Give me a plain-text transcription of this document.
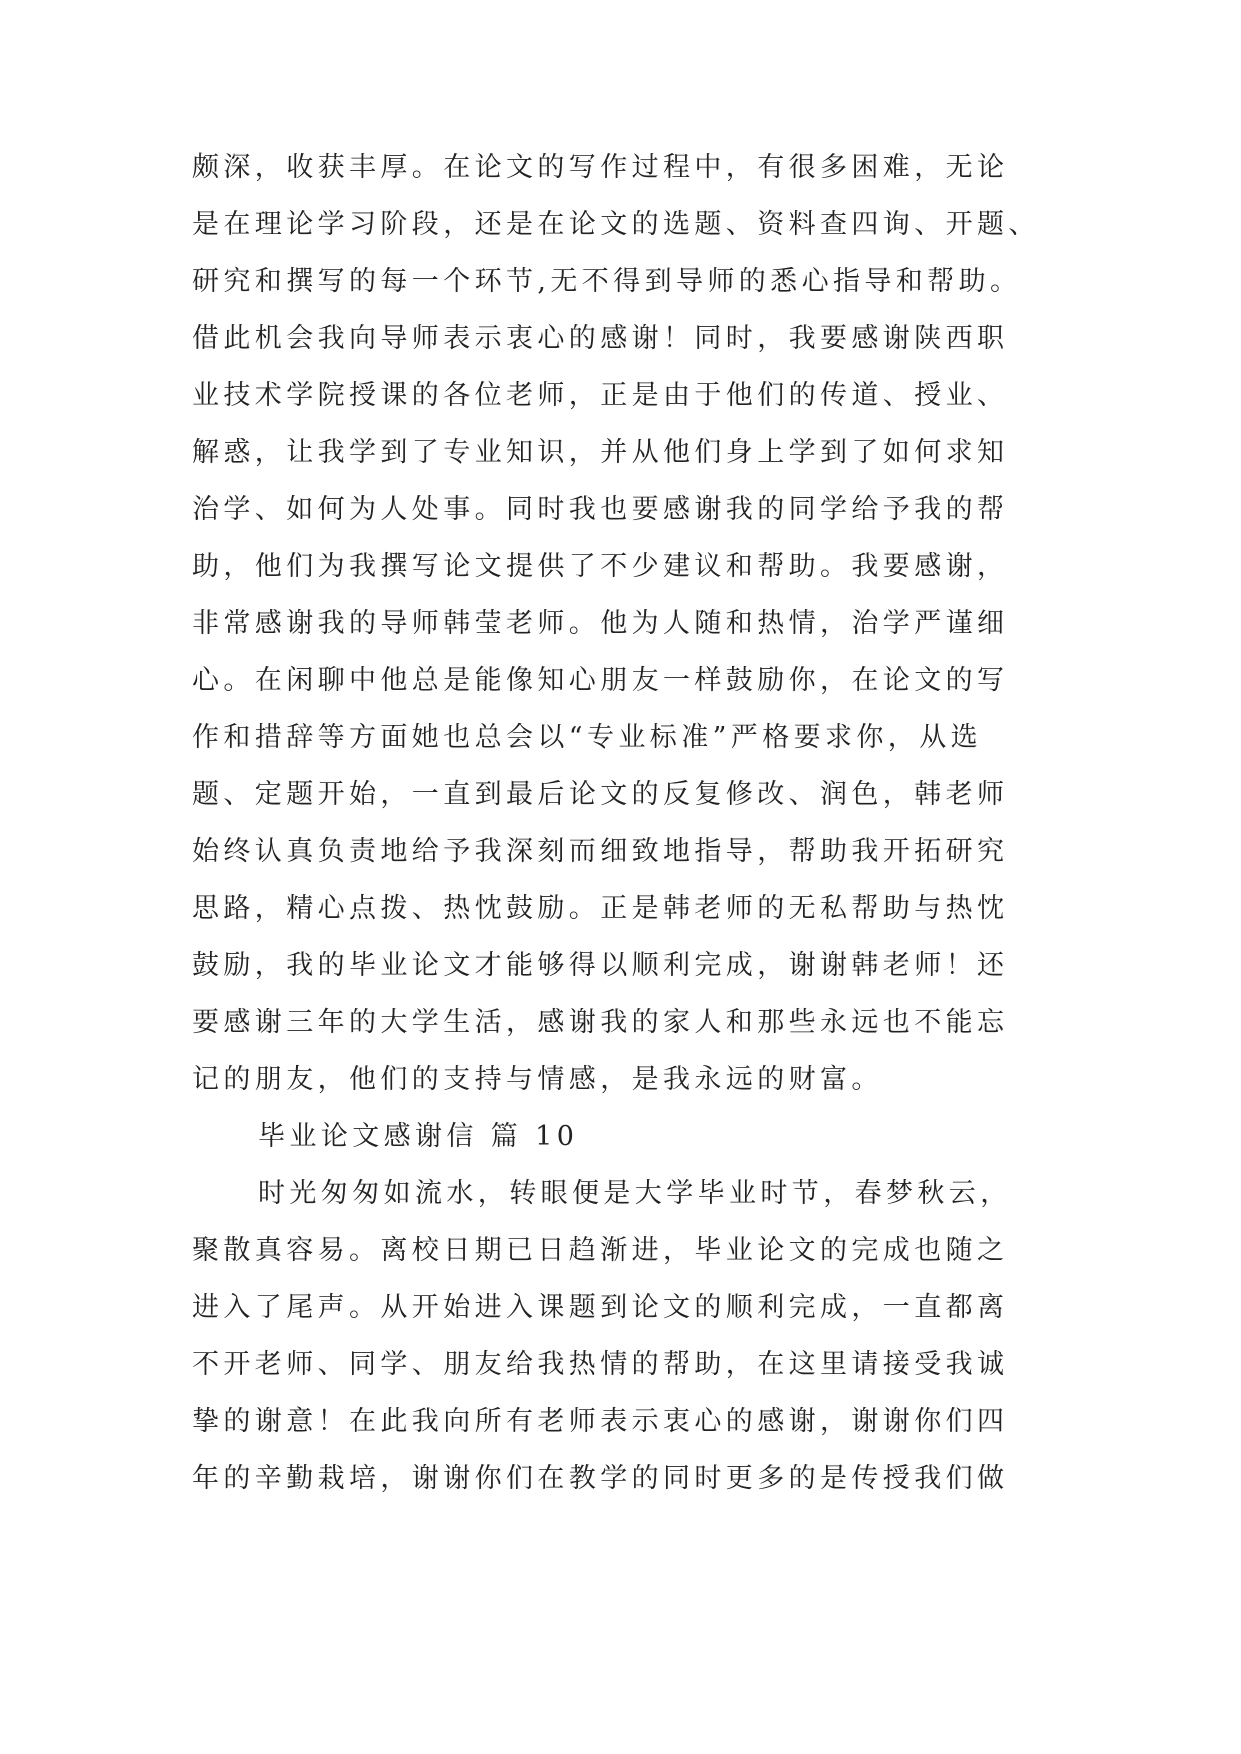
颇深，收获丰厚。在论文的写作过程中，有很多困难，无论
是在理论学习阶段，还是在论文的选题、资料查四询、开题、
研究和撰写的每一个环节,无不得到导师的悉心指导和帮助。
借此机会我向导师表示衷心的感谢！同时，我要感谢陕西职
业技术学院授课的各位老师，正是由于他们的传道、授业、
解惑，让我学到了专业知识，并从他们身上学到了如何求知
治学、如何为人处事。同时我也要感谢我的同学给予我的帮
助，他们为我撰写论文提供了不少建议和帮助。我要感谢，
非常感谢我的导师韩莹老师。他为人随和热情，治学严谨细
心。在闲聊中他总是能像知心朋友一样鼓励你，在论文的写
作和措辞等方面她也总会以“专业标准”严格要求你，从选
题、定题开始，一直到最后论文的反复修改、润色，韩老师
始终认真负责地给予我深刻而细致地指导，帮助我开拓研究
思路，精心点拨、热忱鼓励。正是韩老师的无私帮助与热忱
鼓励，我的毕业论文才能够得以顺利完成，谢谢韩老师！还
要感谢三年的大学生活，感谢我的家人和那些永远也不能忘
记的朋友，他们的支持与情感，是我永远的财富。
毕业论文感谢信 篇 10
时光匆匆如流水，转眼便是大学毕业时节，春梦秋云，
聚散真容易。离校日期已日趋渐进，毕业论文的完成也随之
进入了尾声。从开始进入课题到论文的顺利完成，一直都离
不开老师、同学、朋友给我热情的帮助，在这里请接受我诚
挚的谢意！在此我向所有老师表示衷心的感谢，谢谢你们四
年的辛勤栽培，谢谢你们在教学的同时更多的是传授我们做
